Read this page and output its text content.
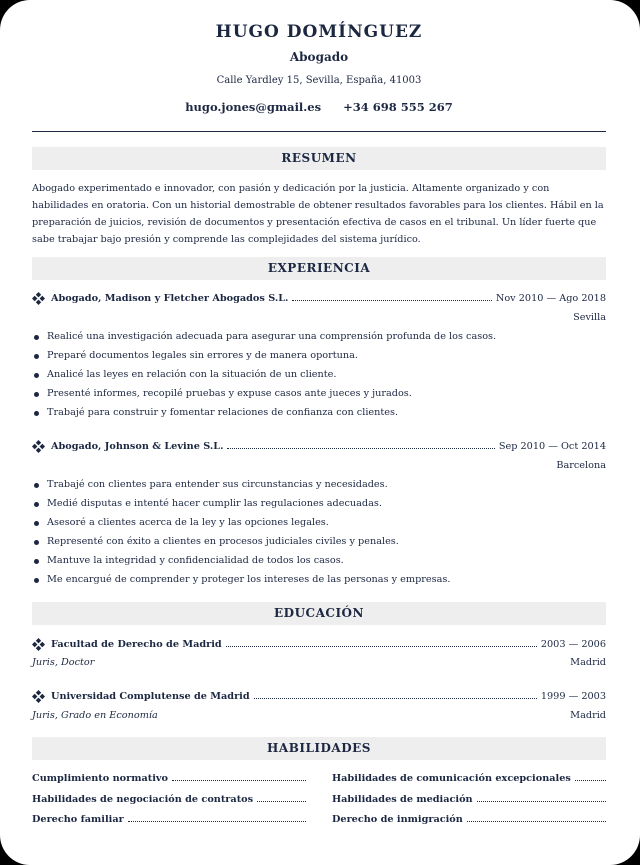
HUGO DOMÍNGUEZ
Abogado
Calle Yardley 15, Sevilla, España, 41003
hugo.jones@gmail.es +34 698 555 267
RESUMEN
Abogado experimentado e innovador, con pasión y dedicación por la justicia. Altamente organizado y con habilidades en oratoria. Con un historial demostrable de obtener resultados favorables para los clientes. Hábil en la preparación de juicios, revisión de documentos y presentación efectiva de casos en el tribunal. Un líder fuerte que sabe trabajar bajo presión y comprende las complejidades del sistema jurídico.
EXPERIENCIA
Abogado, Madison y Fletcher Abogados S.L.	Nov 2010 — Ago 2018
Sevilla
Realicé una investigación adecuada para asegurar una comprensión profunda de los casos.
Preparé documentos legales sin errores y de manera oportuna.
Analicé las leyes en relación con la situación de un cliente.
Presenté informes, recopilé pruebas y expuse casos ante jueces y jurados.
Trabajé para construir y fomentar relaciones de confianza con clientes.
Abogado, Johnson & Levine S.L.	Sep 2010 — Oct 2014
Barcelona
Trabajé con clientes para entender sus circunstancias y necesidades.
Medié disputas e intenté hacer cumplir las regulaciones adecuadas.
Asesoré a clientes acerca de la ley y las opciones legales.
Representé con éxito a clientes en procesos judiciales civiles y penales.
Mantuve la integridad y confidencialidad de todos los casos.
Me encargué de comprender y proteger los intereses de las personas y empresas.
EDUCACIÓN
Facultad de Derecho de Madrid	2003 — 2006
Juris, Doctor	Madrid
Universidad Complutense de Madrid	1999 — 2003
Juris, Grado en Economía	Madrid
HABILIDADES
Cumplimiento normativo	Habilidades de comunicación excepcionales
Habilidades de negociación de contratos	Habilidades de mediación
Derecho familiar	Derecho de inmigración
